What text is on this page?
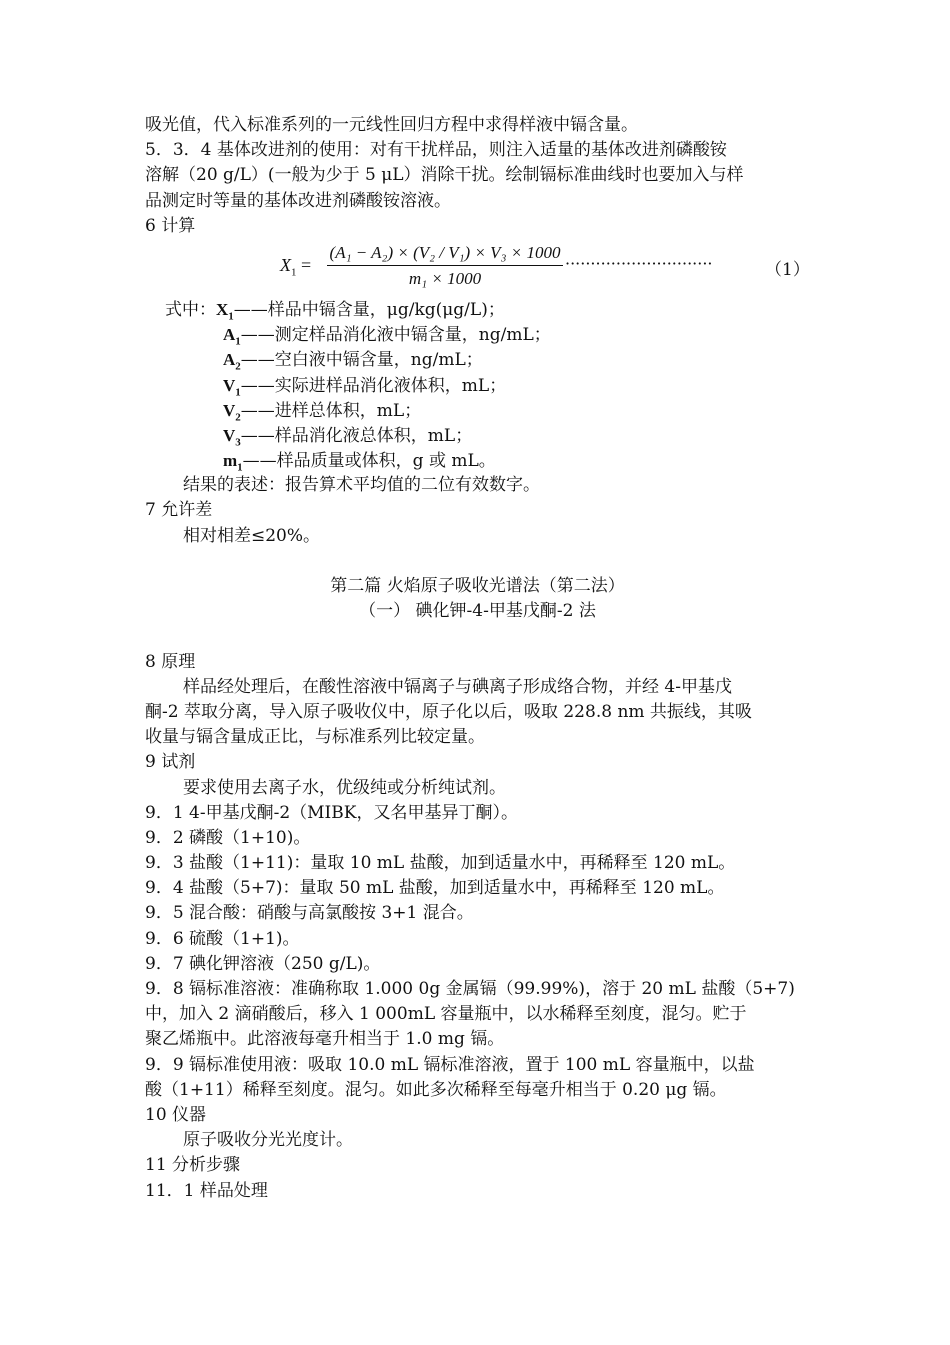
吸光值，代入标准系列的一元线性回归方程中求得样液中镉含量。
5．3．4 基体改进剂的使用：对有干扰样品，则注入适量的基体改进剂磷酸铵
溶解（20 g/L）(一般为少于 5 μL）消除干扰。绘制镉标准曲线时也要加入与样
品测定时等量的基体改进剂磷酸铵溶液。
6 计算
$X_1$ =
(A₁ − A₂) × (V₂ / V₁) × V₃ × 1000
m₁ × 1000
·····························	（1）
式中：$X_1——$样品中镉含量，μg/kg(μg/L)；
$A_1——$测定样品消化液中镉含量，ng/mL；
$A_2——$空白液中镉含量，ng/mL；
$V_1——$实际进样品消化液体积，mL；
$V_2——$进样总体积，mL；
$V_3——$样品消化液总体积，mL；
$m_1——$样品质量或体积，g 或 mL。
结果的表述：报告算术平均值的二位有效数字。
7 允许差
相对相差≤20%。
第二篇 火焰原子吸收光谱法（第二法）
（一） 碘化钾-4-甲基戊酮-2 法
8 原理
样品经处理后，在酸性溶液中镉离子与碘离子形成络合物，并经 4-甲基戊
酮-2 萃取分离，导入原子吸收仪中，原子化以后，吸取 228.8 nm 共振线，其吸
收量与镉含量成正比，与标准系列比较定量。
9 试剂
要求使用去离子水，优级纯或分析纯试剂。
9．1 4-甲基戊酮-2（MIBK，又名甲基异丁酮）。
9．2 磷酸（1+10)。
9．3 盐酸（1+11)：量取 10 mL 盐酸，加到适量水中，再稀释至 120 mL。
9．4 盐酸（5+7)：量取 50 mL 盐酸，加到适量水中，再稀释至 120 mL。
9．5 混合酸：硝酸与高氯酸按 3+1 混合。
9．6 硫酸（1+1)。
9．7 碘化钾溶液（250 g/L)。
9．8 镉标准溶液：准确称取 1.000 0g 金属镉（99.99%)，溶于 20 mL 盐酸（5+7)
中，加入 2 滴硝酸后，移入 1 000mL 容量瓶中，以水稀释至刻度，混匀。贮于
聚乙烯瓶中。此溶液每毫升相当于 1.0 mg 镉。
9．9 镉标准使用液：吸取 10.0 mL 镉标准溶液，置于 100 mL 容量瓶中，以盐
酸（1+11）稀释至刻度。混匀。如此多次稀释至每毫升相当于 0.20 μg 镉。
10 仪器
原子吸收分光光度计。
11 分析步骤
11．1 样品处理
